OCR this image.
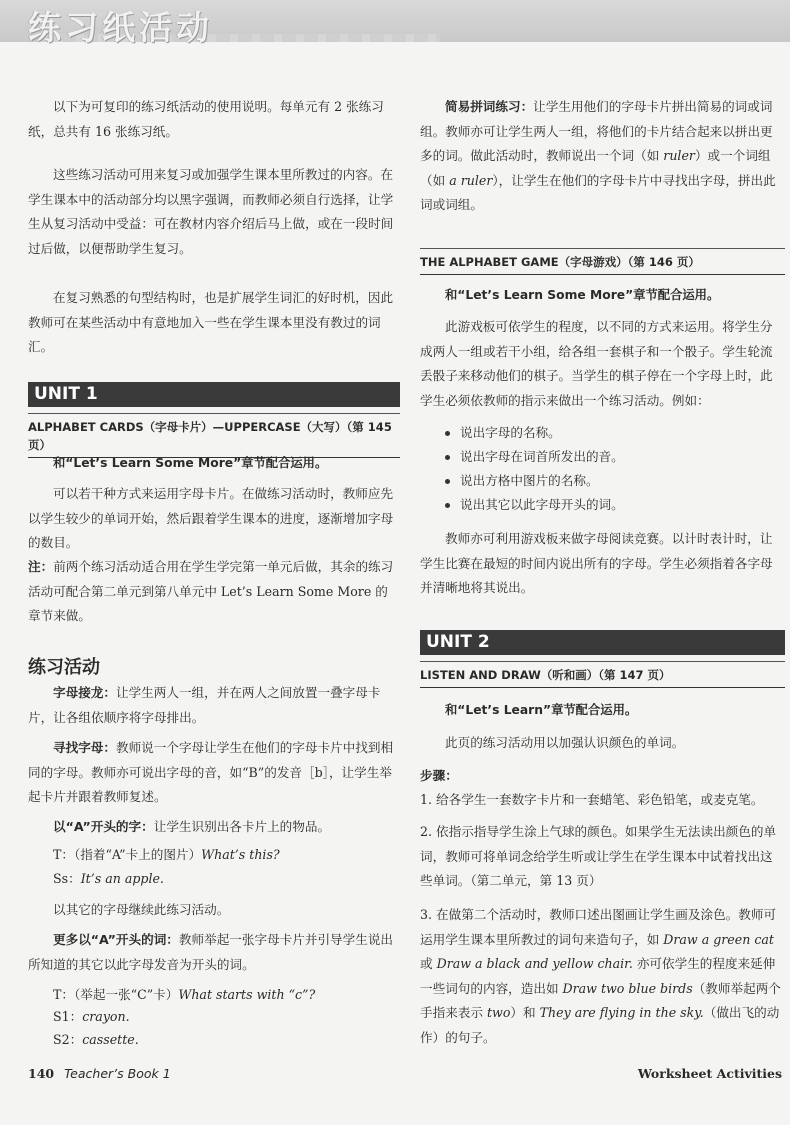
练习纸活动

以下为可复印的练习纸活动的使用说明。每单元有 2 张练习纸，总共有 16 张练习纸。

这些练习活动可用来复习或加强学生课本里所教过的内容。在学生课本中的活动部分均以黑字强调，而教师必须自行选择，让学生从复习活动中受益：可在教材内容介绍后马上做，或在一段时间过后做，以便帮助学生复习。

在复习熟悉的句型结构时，也是扩展学生词汇的好时机，因此教师可在某些活动中有意地加入一些在学生课本里没有教过的词汇。

UNIT 1
ALPHABET CARDS（字母卡片）—UPPERCASE（大写）（第 145 页）

和“Let’s Learn Some More”章节配合运用。

可以若干种方式来运用字母卡片。在做练习活动时，教师应先以学生较少的单词开始，然后跟着学生课本的进度，逐渐增加字母的数目。

注：前两个练习活动适合用在学生学完第一单元后做，其余的练习活动可配合第二单元到第八单元中 Let’s Learn Some More 的章节来做。

练习活动

字母接龙：让学生两人一组，并在两人之间放置一叠字母卡片，让各组依顺序将字母排出。

寻找字母：教师说一个字母让学生在他们的字母卡片中找到相同的字母。教师亦可说出字母的音，如“B”的发音［b］，让学生举起卡片并跟着教师复述。

以“A”开头的字：让学生识别出各卡片上的物品。

T：（指着“A”卡上的图片）What’s this?

Ss：It’s an apple.

以其它的字母继续此练习活动。

更多以“A”开头的词：教师举起一张字母卡片并引导学生说出所知道的其它以此字母发音为开头的词。

T：（举起一张“C”卡）What starts with “c”?

S1：crayon.

S2：cassette.

简易拼词练习：让学生用他们的字母卡片拼出简易的词或词组。教师亦可让学生两人一组，将他们的卡片结合起来以拼出更多的词。做此活动时，教师说出一个词（如 ruler）或一个词组（如 a ruler），让学生在他们的字母卡片中寻找出字母，拼出此词或词组。

THE ALPHABET GAME（字母游戏）（第 146 页）

和“Let’s Learn Some More”章节配合运用。

此游戏板可依学生的程度，以不同的方式来运用。将学生分成两人一组或若干小组，给各组一套棋子和一个骰子。学生轮流丢骰子来移动他们的棋子。当学生的棋子停在一个字母上时，此学生必须依教师的指示来做出一个练习活动。例如：

说出字母的名称。
说出字母在词首所发出的音。
说出方格中图片的名称。
说出其它以此字母开头的词。

教师亦可利用游戏板来做字母阅读竞赛。以计时表计时，让学生比赛在最短的时间内说出所有的字母。学生必须指着各字母并清晰地将其说出。

UNIT 2
LISTEN AND DRAW（听和画）（第 147 页）

和“Let’s Learn”章节配合运用。

此页的练习活动用以加强认识颜色的单词。

步骤：

1. 给各学生一套数字卡片和一套蜡笔、彩色铅笔，或麦克笔。

2. 依指示指导学生涂上气球的颜色。如果学生无法读出颜色的单词，教师可将单词念给学生听或让学生在学生课本中试着找出这些单词。（第二单元，第 13 页）

3. 在做第二个活动时，教师口述出图画让学生画及涂色。教师可运用学生课本里所教过的词句来造句子，如 Draw a green cat 或 Draw a black and yellow chair. 亦可依学生的程度来延伸一些词句的内容，造出如 Draw two blue birds（教师举起两个手指来表示 two）和 They are flying in the sky.（做出飞的动作）的句子。

140 Teacher’s Book 1	Worksheet Activities
